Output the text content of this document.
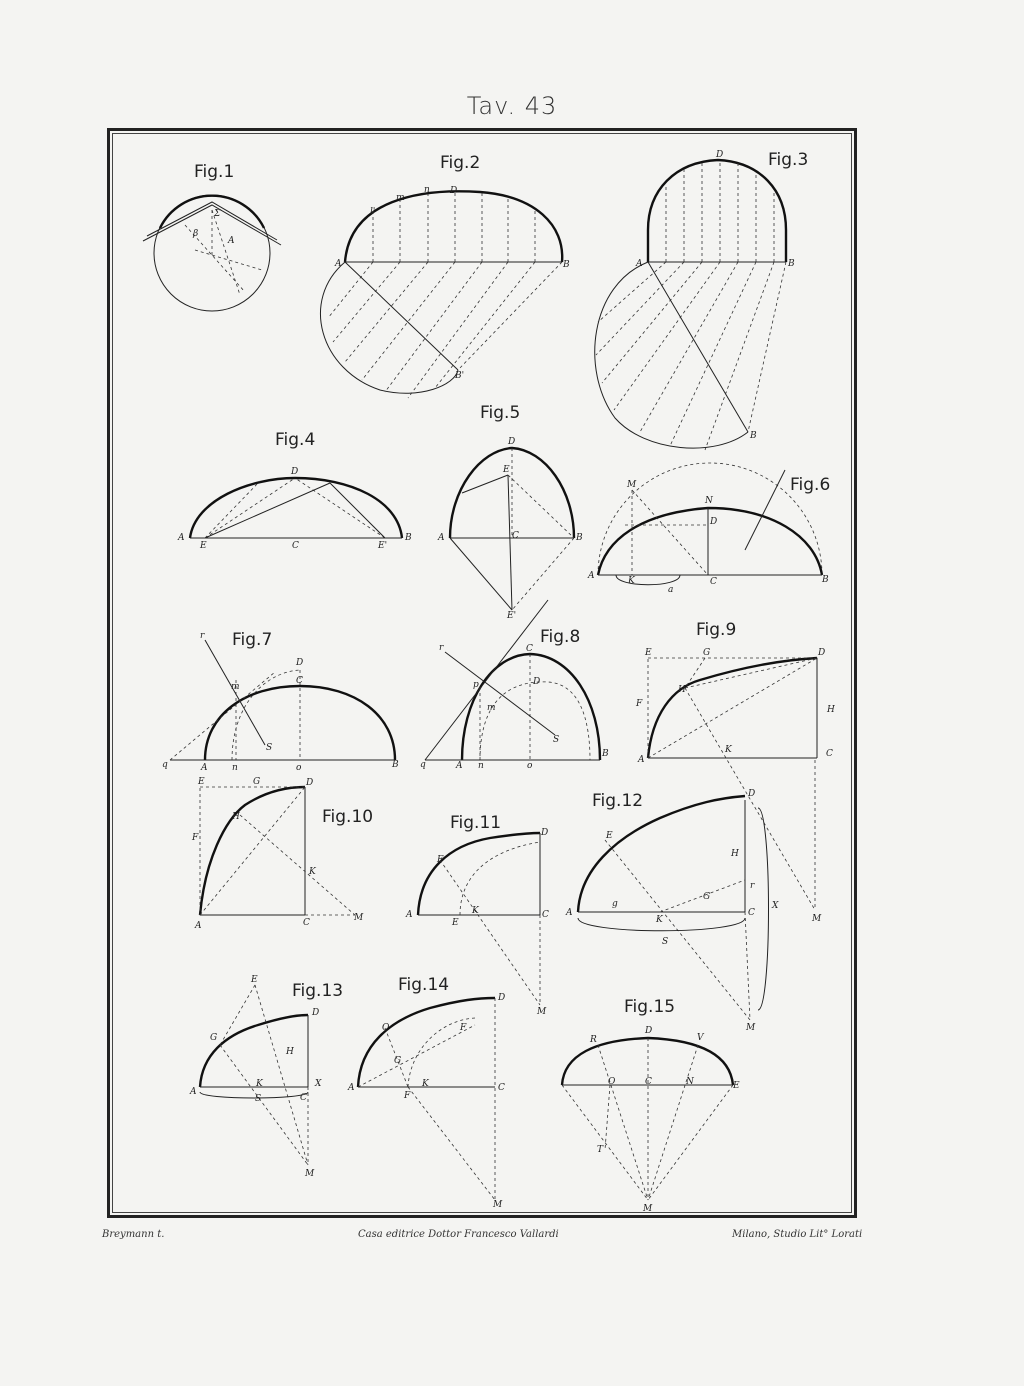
Tav. 43
Fig.1
β
A
Σ
Fig.2
A	B
B'
D
m
n
l'
Fig.3
A	B
B
D
Fig.4
A	B
D
C
E	E'
Fig.5
A	B
D
E
C
E'
Fig.6
M
N
D
A	B
C
K
a
Fig.7
r
D
C
m
S
q	A	n	o	B
Fig.8
r	C
p	D
m
S
q	A n	o
B
Fig.9
E	G	D
H
F
H
K	C
A
M
Fig.10
E	G	D
H
F
K
A	C	M
Fig.11
A
F
D
E
K	C
M
Fig.12
E
D
H
r
G
g
A
K
C
S
X
M
Fig.13
E
G
D
H
A
K
C
X
S
M
Fig.14
A
O
G
F
D
K
F
C
M
Fig.15
R
D
V
O	C	N	E
T
M
Breymann t.	Casa editrice Dottor Francesco Vallardi	Milano, Studio Lit° Lorati
